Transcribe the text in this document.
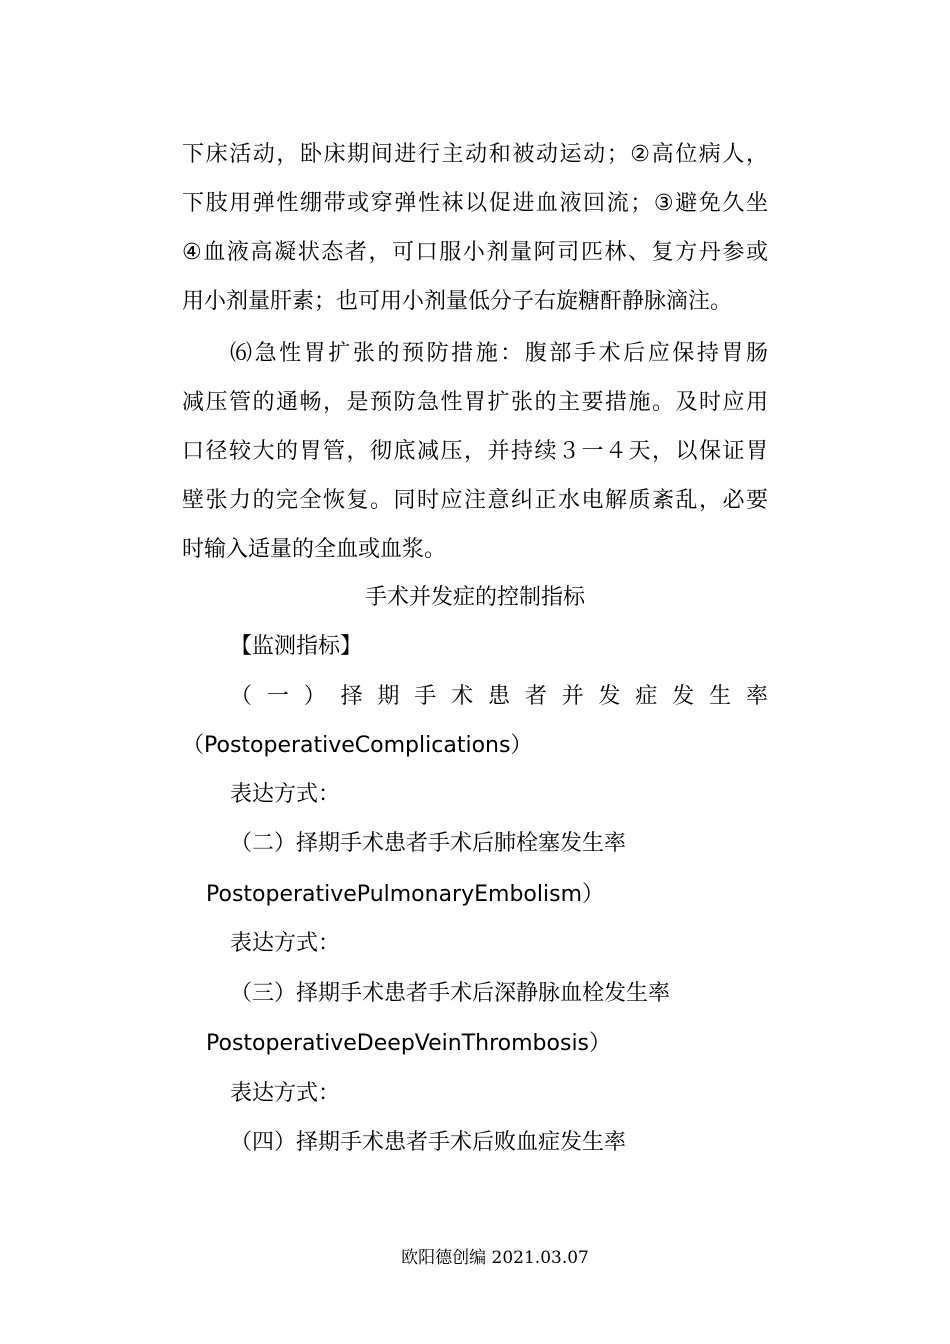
下床活动，卧床期间进行主动和被动运动；②高位病人，
下肢用弹性绷带或穿弹性袜以促进血液回流；③避免久坐
④血液高凝状态者，可口服小剂量阿司匹林、复方丹参或
用小剂量肝素；也可用小剂量低分子右旋糖酐静脉滴注。
⑹急性胃扩张的预防措施：腹部手术后应保持胃肠
减压管的通畅，是预防急性胃扩张的主要措施。及时应用
口径较大的胃管，彻底减压，并持续３一４天，以保证胃
壁张力的完全恢复。同时应注意纠正水电解质紊乱，必要
时输入适量的全血或血浆。
手术并发症的控制指标
【监测指标】
（一）择期手术患者并发症发生率
（PostoperativeComplications）
表达方式：
（二）择期手术患者手术后肺栓塞发生率
PostoperativePulmonaryEmbolism）
表达方式：
（三）择期手术患者手术后深静脉血栓发生率
PostoperativeDeepVeinThrombosis）
表达方式：
（四）择期手术患者手术后败血症发生率
欧阳德创编 2021.03.07
